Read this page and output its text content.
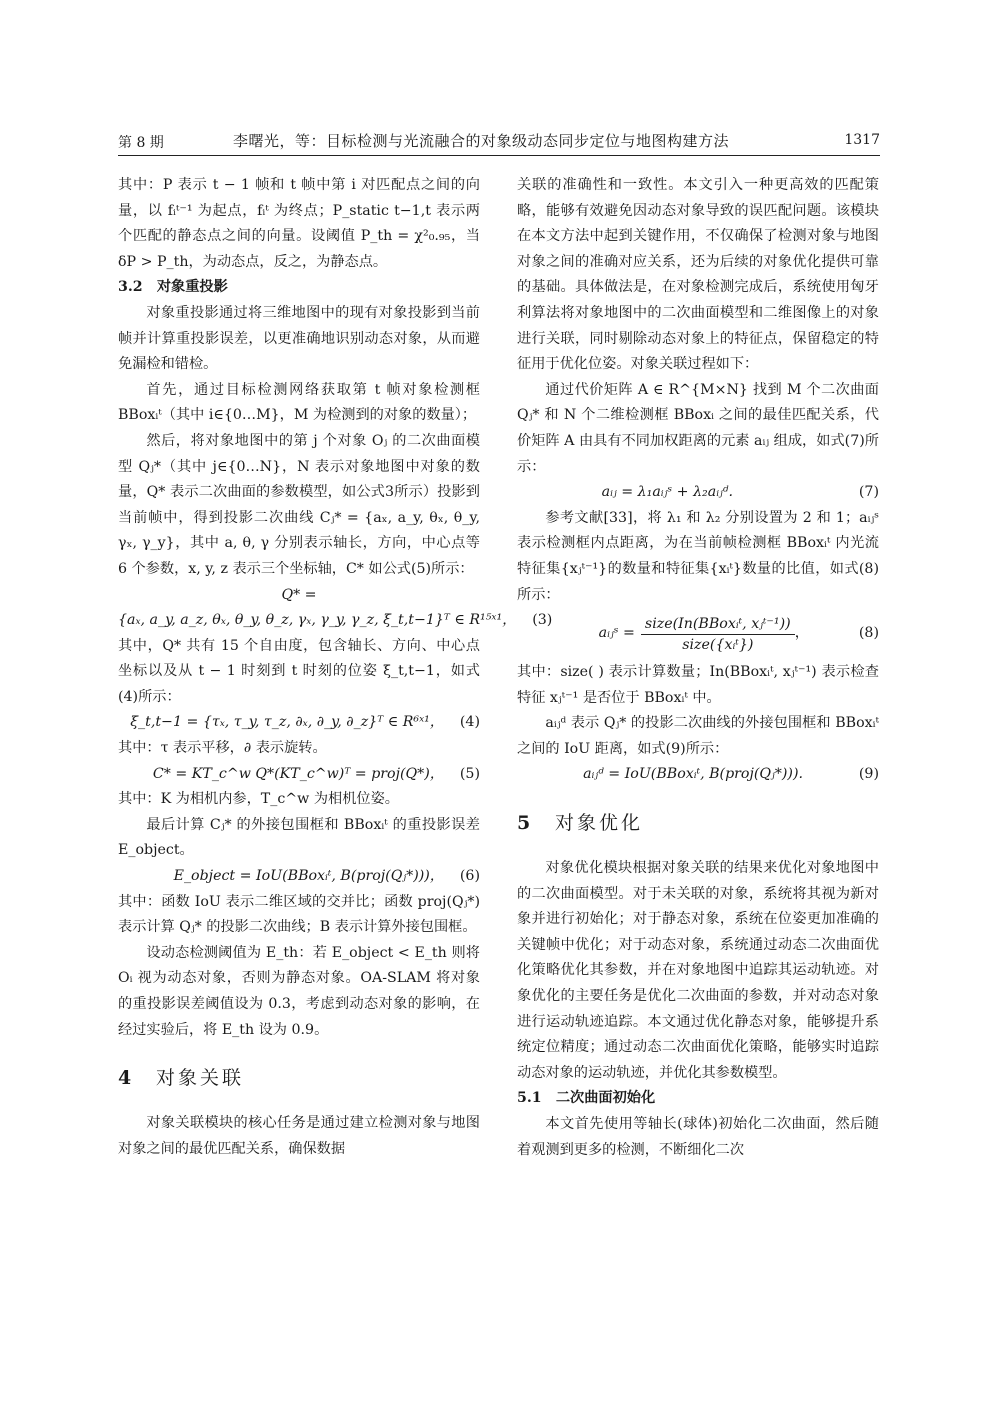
第 8 期	李曙光，等：目标检测与光流融合的对象级动态同步定位与地图构建方法	1317

其中：P 表示 t − 1 帧和 t 帧中第 i 对匹配点之间的向量，以 fᵢᵗ⁻¹ 为起点，fᵢᵗ 为终点；P_static t−1,t 表示两个匹配的静态点之间的向量。设阈值 P_th = χ²₀.₉₅，当 δP > P_th，为动态点，反之，为静态点。

3.2　对象重投影

对象重投影通过将三维地图中的现有对象投影到当前帧并计算重投影误差，以更准确地识别动态对象，从而避免漏检和错检。

首先，通过目标检测网络获取第 t 帧对象检测框 BBoxᵢᵗ（其中 i∈{0…M}，M 为检测到的对象的数量）；

然后，将对象地图中的第 j 个对象 Oⱼ 的二次曲面模型 Qⱼ*（其中 j∈{0…N}，N 表示对象地图中对象的数量，Q* 表示二次曲面的参数模型，如公式3所示）投影到当前帧中，得到投影二次曲线 Cⱼ* = {aₓ, a_y, θₓ, θ_y, γₓ, γ_y}，其中 a, θ, γ 分别表示轴长，方向，中心点等 6 个参数，x, y, z 表示三个坐标轴，C* 如公式(5)所示：

Q* =
{aₓ, a_y, a_z, θₓ, θ_y, θ_z, γₓ, γ_y, γ_z, ξ_t,t−1}ᵀ ∈ R¹⁵ˣ¹， (3)

其中，Q* 共有 15 个自由度，包含轴长、方向、中心点坐标以及从 t − 1 时刻到 t 时刻的位姿 ξ_t,t−1，如式(4)所示：

ξ_t,t−1 = {τₓ, τ_y, τ_z, ∂ₓ, ∂_y, ∂_z}ᵀ ∈ R⁶ˣ¹， (4)

其中：τ 表示平移，∂ 表示旋转。

C* = KT_c^w Q*(KT_c^w)ᵀ = proj(Q*)， (5)

其中：K 为相机内参，T_c^w 为相机位姿。

最后计算 Cⱼ* 的外接包围框和 BBoxᵢᵗ 的重投影误差 E_object。

E_object = IoU(BBoxᵢᵗ, B(proj(Qⱼ*)))， (6)

其中：函数 IoU 表示二维区域的交并比；函数 proj(Qⱼ*) 表示计算 Qⱼ* 的投影二次曲线；B 表示计算外接包围框。

设动态检测阈值为 E_th：若 E_object < E_th 则将 Oᵢ 视为动态对象，否则为静态对象。OA-SLAM 将对象的重投影误差阈值设为 0.3，考虑到动态对象的影响，在经过实验后，将 E_th 设为 0.9。

4 对象关联

对象关联模块的核心任务是通过建立检测对象与地图对象之间的最优匹配关系，确保数据

关联的准确性和一致性。本文引入一种更高效的匹配策略，能够有效避免因动态对象导致的误匹配问题。该模块在本文方法中起到关键作用，不仅确保了检测对象与地图对象之间的准确对应关系，还为后续的对象优化提供可靠的基础。具体做法是，在对象检测完成后，系统使用匈牙利算法将对象地图中的二次曲面模型和二维图像上的对象进行关联，同时剔除动态对象上的特征点，保留稳定的特征用于优化位姿。对象关联过程如下：

通过代价矩阵 A ∈ R^{M×N} 找到 M 个二次曲面 Qⱼ* 和 N 个二维检测框 BBoxᵢ 之间的最佳匹配关系，代价矩阵 A 由具有不同加权距离的元素 aᵢⱼ 组成，如式(7)所示：

aᵢⱼ = λ₁aᵢⱼˢ + λ₂aᵢⱼᵈ.	(7)

参考文献[33]，将 λ₁ 和 λ₂ 分别设置为 2 和 1；aᵢⱼˢ 表示检测框内点距离，为在当前帧检测框 BBoxᵢᵗ 内光流特征集{xⱼᵗ⁻¹}的数量和特征集{xᵢᵗ}数量的比值，如式(8)所示：

aᵢⱼˢ = $\frac{\text{size(In(BBoxᵢᵗ, xⱼᵗ⁻¹))}}{\text{size(\{xᵢᵗ\})}}$ ，	(8)

其中：size( ) 表示计算数量；In(BBoxᵢᵗ, xⱼᵗ⁻¹) 表示检查特征 xⱼᵗ⁻¹ 是否位于 BBoxᵢᵗ 中。

aᵢⱼᵈ 表示 Qⱼ* 的投影二次曲线的外接包围框和 BBoxᵢᵗ 之间的 IoU 距离，如式(9)所示：

aᵢⱼᵈ = IoU(BBoxᵢᵗ, B(proj(Qⱼ*))).	(9)
5 对象优化

对象优化模块根据对象关联的结果来优化对象地图中的二次曲面模型。对于未关联的对象，系统将其视为新对象并进行初始化；对于静态对象，系统在位姿更加准确的关键帧中优化；对于动态对象，系统通过动态二次曲面优化策略优化其参数，并在对象地图中追踪其运动轨迹。对象优化的主要任务是优化二次曲面的参数，并对动态对象进行运动轨迹追踪。本文通过优化静态对象，能够提升系统定位精度；通过动态二次曲面优化策略，能够实时追踪动态对象的运动轨迹，并优化其参数模型。

5.1　二次曲面初始化

本文首先使用等轴长(球体)初始化二次曲面，然后随着观测到更多的检测，不断细化二次
